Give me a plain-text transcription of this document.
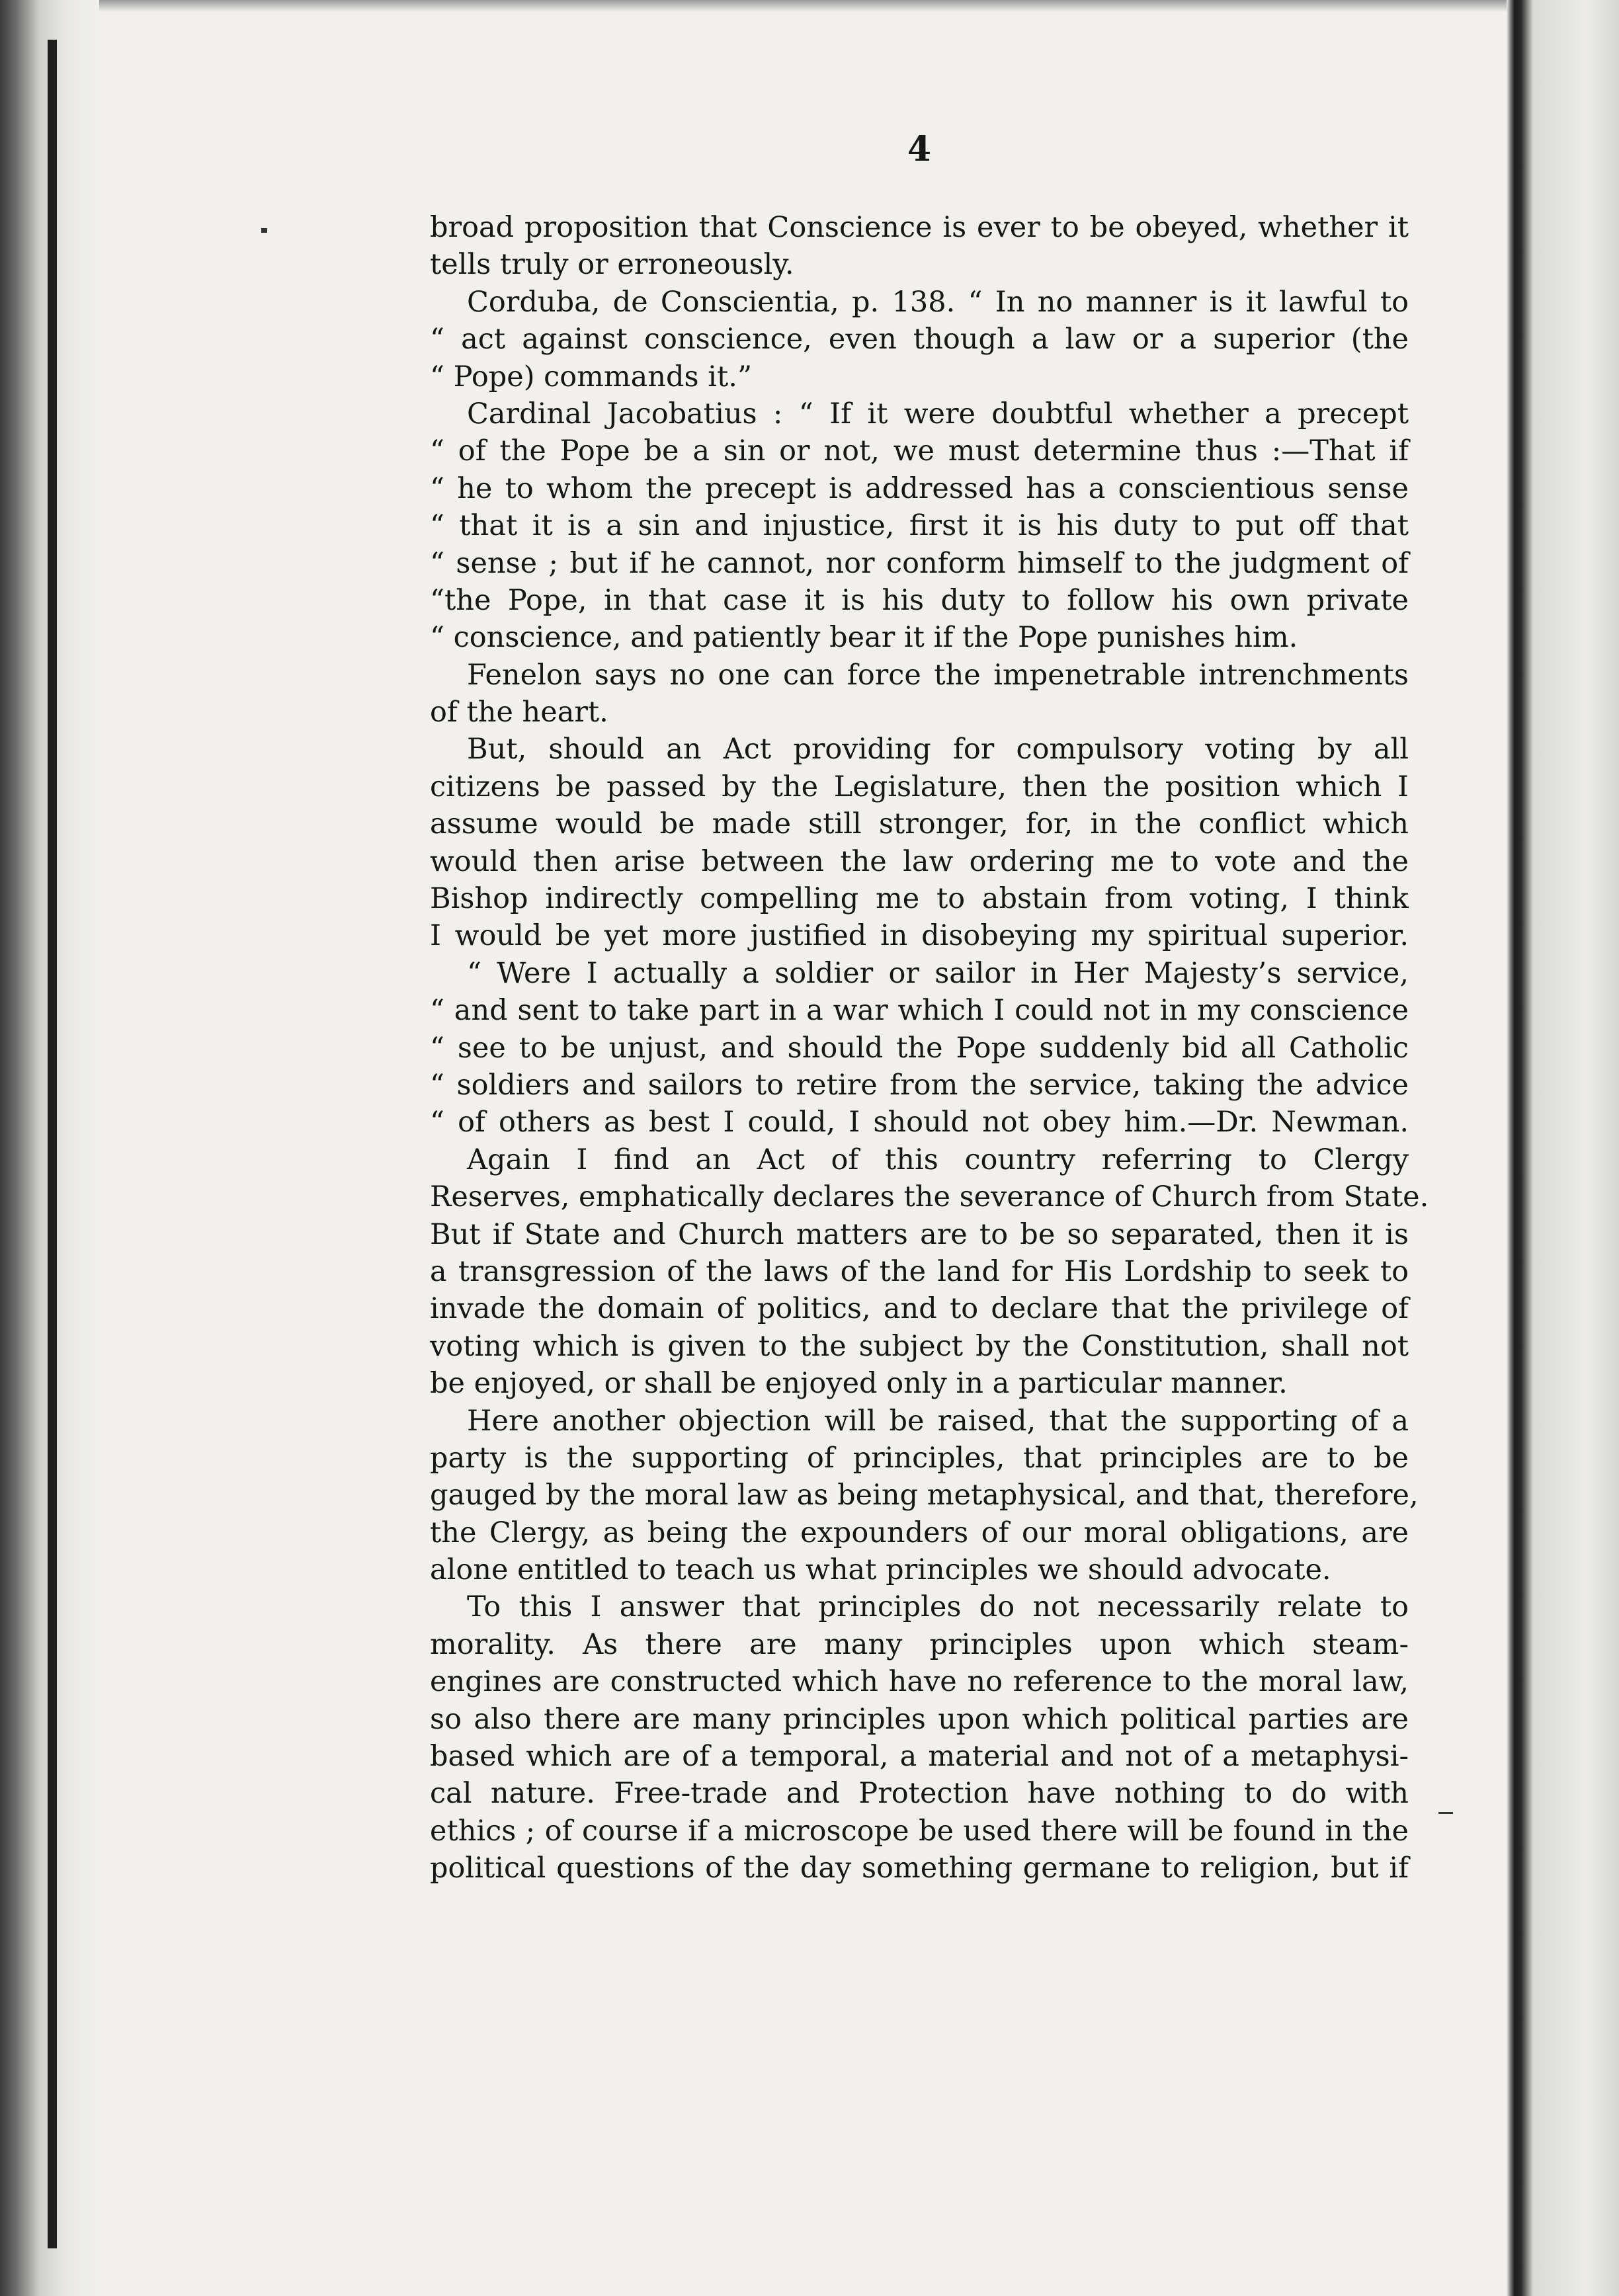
4
broad proposition that Conscience is ever to be obeyed, whether it
tells truly or erroneously.
Corduba, de Conscientia, p. 138. “ In no manner is it lawful to
“ act against conscience, even though a law or a superior (the
“ Pope) commands it.”
Cardinal Jacobatius : “ If it were doubtful whether a precept
“ of the Pope be a sin or not, we must determine thus :—That if
“ he to whom the precept is addressed has a conscientious sense
“ that it is a sin and injustice, first it is his duty to put off that
“ sense ; but if he cannot, nor conform himself to the judgment of
“the Pope, in that case it is his duty to follow his own private
“ conscience, and patiently bear it if the Pope punishes him.
Fenelon says no one can force the impenetrable intrenchments
of the heart.
But, should an Act providing for compulsory voting by all
citizens be passed by the Legislature, then the position which I
assume would be made still stronger, for, in the conflict which
would then arise between the law ordering me to vote and the
Bishop indirectly compelling me to abstain from voting, I think
I would be yet more justified in disobeying my spiritual superior.
“ Were I actually a soldier or sailor in Her Majesty’s service,
“ and sent to take part in a war which I could not in my conscience
“ see to be unjust, and should the Pope suddenly bid all Catholic
“ soldiers and sailors to retire from the service, taking the advice
“ of others as best I could, I should not obey him.—Dr. Newman.
Again I find an Act of this country referring to Clergy
Reserves, emphatically declares the severance of Church from State.
But if State and Church matters are to be so separated, then it is
a transgression of the laws of the land for His Lordship to seek to
invade the domain of politics, and to declare that the privilege of
voting which is given to the subject by the Constitution, shall not
be enjoyed, or shall be enjoyed only in a particular manner.
Here another objection will be raised, that the supporting of a
party is the supporting of principles, that principles are to be
gauged by the moral law as being metaphysical, and that, therefore,
the Clergy, as being the expounders of our moral obligations, are
alone entitled to teach us what principles we should advocate.
To this I answer that principles do not necessarily relate to
morality. As there are many principles upon which steam-
engines are constructed which have no reference to the moral law,
so also there are many principles upon which political parties are
based which are of a temporal, a material and not of a metaphysi-
cal nature. Free-trade and Protection have nothing to do with
ethics ; of course if a microscope be used there will be found in the
political questions of the day something germane to religion, but if
